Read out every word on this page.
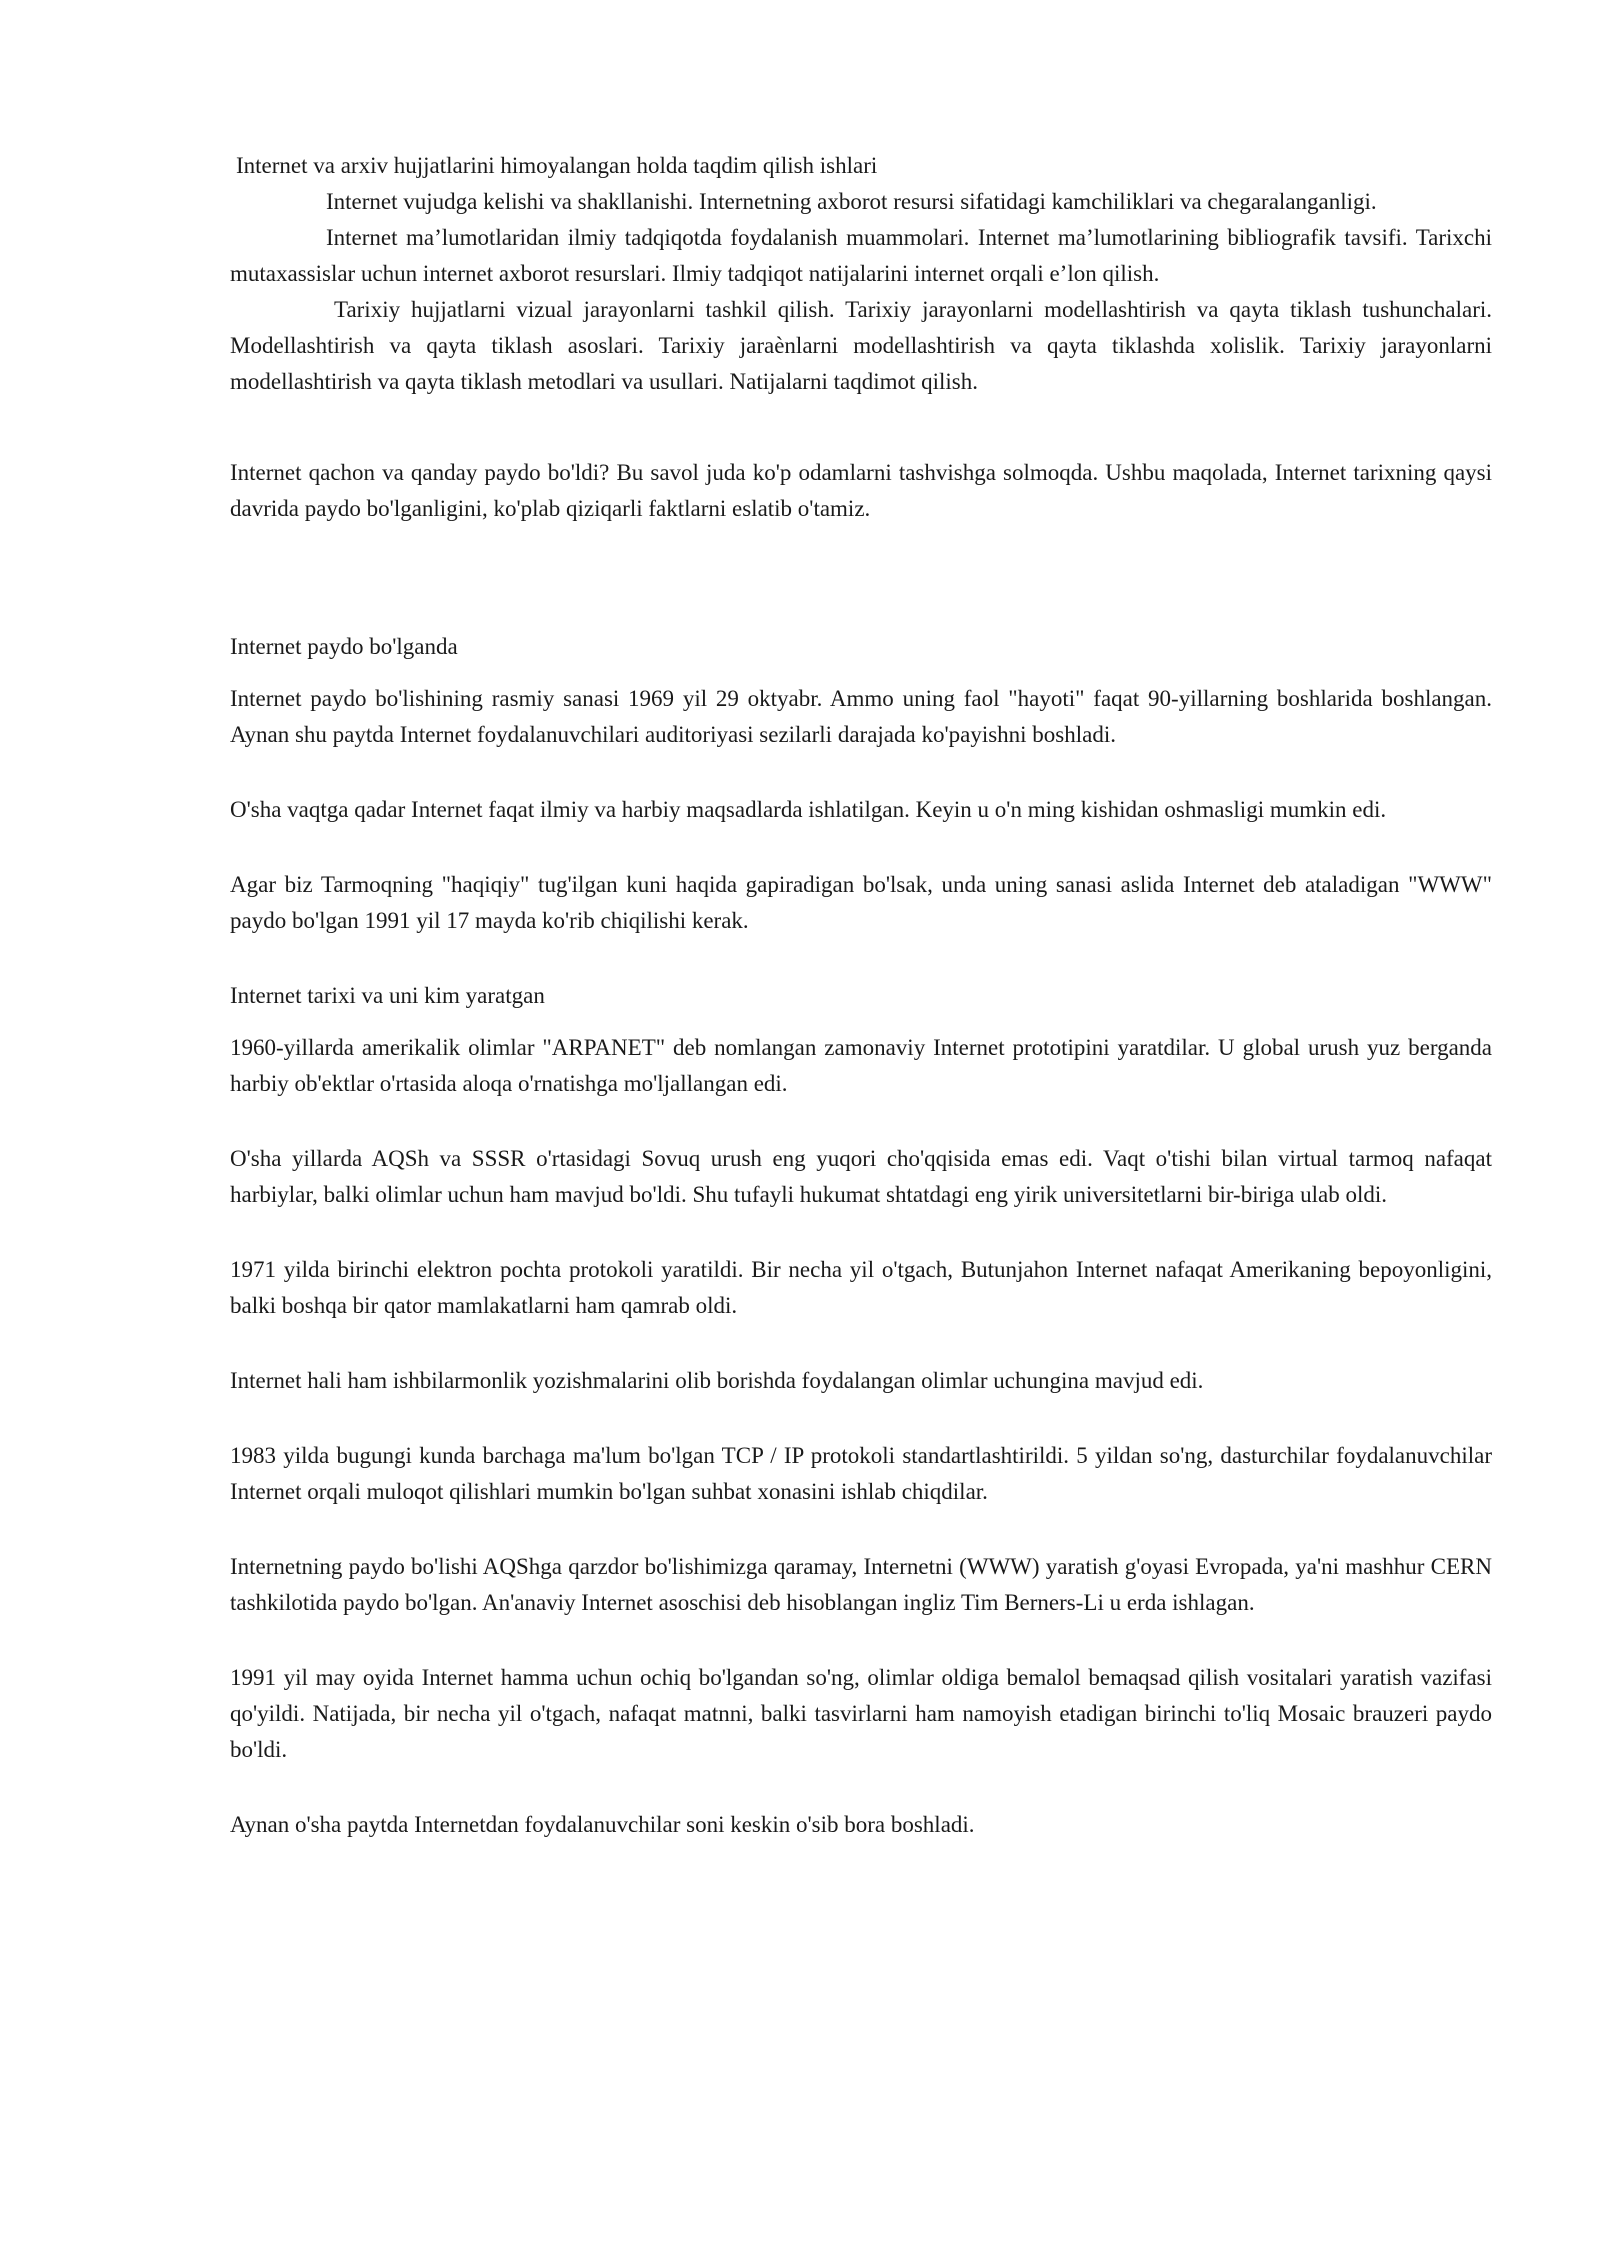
Internet va arxiv hujjatlarini himoyalangan holda taqdim qilish ishlari

Internet vujudga kelishi va shakllanishi. Internetning axborot resursi sifatidagi kamchiliklari va chegaralanganligi.

Internet ma’lumotlaridan ilmiy tadqiqotda foydalanish muammolari. Internet ma’lumotlarining bibliografik tavsifi. Tarixchi mutaxassislar uchun internet axborot resurslari. Ilmiy tadqiqot natijalarini internet orqali e’lon qilish.

Tarixiy hujjatlarni vizual jarayonlarni tashkil qilish. Tarixiy jarayonlarni modellashtirish va qayta tiklash tushunchalari. Modellashtirish va qayta tiklash asoslari. Tarixiy jaraènlarni modellashtirish va qayta tiklashda xolislik. Tarixiy jarayonlarni modellashtirish va qayta tiklash metodlari va usullari. Natijalarni taqdimot qilish.

Internet qachon va qanday paydo bo'ldi? Bu savol juda ko'p odamlarni tashvishga solmoqda. Ushbu maqolada, Internet tarixning qaysi davrida paydo bo'lganligini, ko'plab qiziqarli faktlarni eslatib o'tamiz.

Internet paydo bo'lganda

Internet paydo bo'lishining rasmiy sanasi 1969 yil 29 oktyabr. Ammo uning faol "hayoti" faqat 90-yillarning boshlarida boshlangan. Aynan shu paytda Internet foydalanuvchilari auditoriyasi sezilarli darajada ko'payishni boshladi.

O'sha vaqtga qadar Internet faqat ilmiy va harbiy maqsadlarda ishlatilgan. Keyin u o'n ming kishidan oshmasligi mumkin edi.

Agar biz Tarmoqning "haqiqiy" tug'ilgan kuni haqida gapiradigan bo'lsak, unda uning sanasi aslida Internet deb ataladigan "WWW" paydo bo'lgan 1991 yil 17 mayda ko'rib chiqilishi kerak.

Internet tarixi va uni kim yaratgan

1960-yillarda amerikalik olimlar "ARPANET" deb nomlangan zamonaviy Internet prototipini yaratdilar. U global urush yuz berganda harbiy ob'ektlar o'rtasida aloqa o'rnatishga mo'ljallangan edi.

O'sha yillarda AQSh va SSSR o'rtasidagi Sovuq urush eng yuqori cho'qqisida emas edi. Vaqt o'tishi bilan virtual tarmoq nafaqat harbiylar, balki olimlar uchun ham mavjud bo'ldi. Shu tufayli hukumat shtatdagi eng yirik universitetlarni bir-biriga ulab oldi.

1971 yilda birinchi elektron pochta protokoli yaratildi. Bir necha yil o'tgach, Butunjahon Internet nafaqat Amerikaning bepoyonligini, balki boshqa bir qator mamlakatlarni ham qamrab oldi.

Internet hali ham ishbilarmonlik yozishmalarini olib borishda foydalangan olimlar uchungina mavjud edi.

1983 yilda bugungi kunda barchaga ma'lum bo'lgan TCP / IP protokoli standartlashtirildi. 5 yildan so'ng, dasturchilar foydalanuvchilar Internet orqali muloqot qilishlari mumkin bo'lgan suhbat xonasini ishlab chiqdilar.

Internetning paydo bo'lishi AQShga qarzdor bo'lishimizga qaramay, Internetni (WWW) yaratish g'oyasi Evropada, ya'ni mashhur CERN tashkilotida paydo bo'lgan. An'anaviy Internet asoschisi deb hisoblangan ingliz Tim Berners-Li u erda ishlagan.

1991 yil may oyida Internet hamma uchun ochiq bo'lgandan so'ng, olimlar oldiga bemalol bemaqsad qilish vositalari yaratish vazifasi qo'yildi. Natijada, bir necha yil o'tgach, nafaqat matnni, balki tasvirlarni ham namoyish etadigan birinchi to'liq Mosaic brauzeri paydo bo'ldi.

Aynan o'sha paytda Internetdan foydalanuvchilar soni keskin o'sib bora boshladi.
